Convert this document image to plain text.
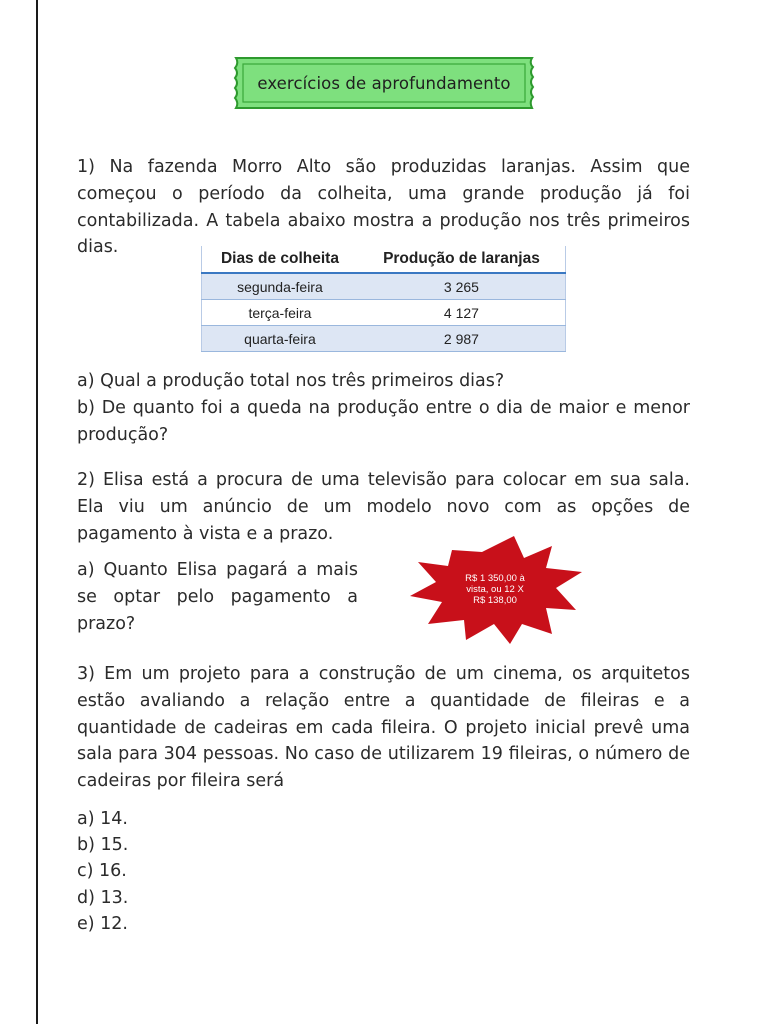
exercícios de aprofundamento

1) Na fazenda Morro Alto são produzidas laranjas. Assim que começou o período da colheita, uma grande produção já foi contabilizada. A tabela abaixo mostra a produção nos três primeiros dias.

Dias de colheita	Produção de laranjas
segunda-feira	3 265
terça-feira	4 127
quarta-feira	2 987
a) Qual a produção total nos três primeiros dias?

b) De quanto foi a queda na produção entre o dia de maior e menor produção?

2) Elisa está a procura de uma televisão para colocar em sua sala. Ela viu um anúncio de um modelo novo com as opções de pagamento à vista e a prazo.

a) Quanto Elisa pagará a mais se optar pelo pagamento a prazo?

R$ 1 350,00 à vista, ou 12 X R$ 138,00

3) Em um projeto para a construção de um cinema, os arquitetos estão avaliando a relação entre a quantidade de fileiras e a quantidade de cadeiras em cada fileira. O projeto inicial prevê uma sala para 304 pessoas. No caso de utilizarem 19 fileiras, o número de cadeiras por fileira será

a) 14.
b) 15.
c) 16.
d) 13.
e) 12.
